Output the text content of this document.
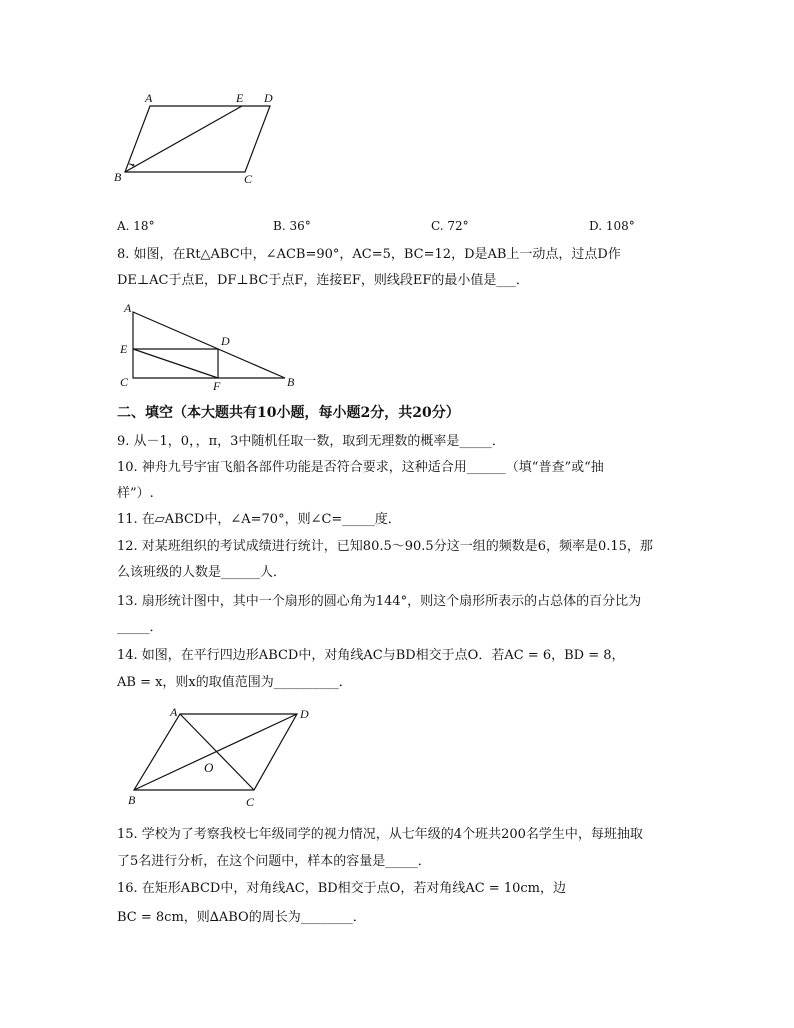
A	E D
B	C
A. 18°	B. 36°	C. 72°	D. 108°
8. 如图，在Rt△ABC中，∠ACB=90°，AC=5，BC=12，D是AB上一动点，过点D作
DE⊥AC于点E，DF⊥BC于点F，连接EF，则线段EF的最小值是___．
A
D
E
C	F	B
二、填空（本大题共有10小题，每小题2分，共20分）
9. 从－1，0，，π，3中随机任取一数，取到无理数的概率是_____．
10. 神舟九号宇宙飞船各部件功能是否符合要求，这种适合用______（填“普查”或“抽
样”）.
11. 在▱ABCD中，∠A=70°，则∠C=_____度．
12. 对某班组织的考试成绩进行统计，已知80.5～90.5分这一组的频数是6，频率是0.15，那
么该班级的人数是______人．
13. 扇形统计图中，其中一个扇形的圆心角为144°，则这个扇形所表示的占总体的百分比为
_____．
14. 如图，在平行四边形ABCD中，对角线AC与BD相交于点O．若AC = 6，BD = 8，
AB = x，则x的取值范围为__________．
A	D
O
B	C
15. 学校为了考察我校七年级同学的视力情况，从七年级的4个班共200名学生中，每班抽取
了5名进行分析，在这个问题中，样本的容量是_____．
16. 在矩形ABCD中，对角线AC，BD相交于点O，若对角线AC = 10cm，边
BC = 8cm，则∆ABO的周长为________．
